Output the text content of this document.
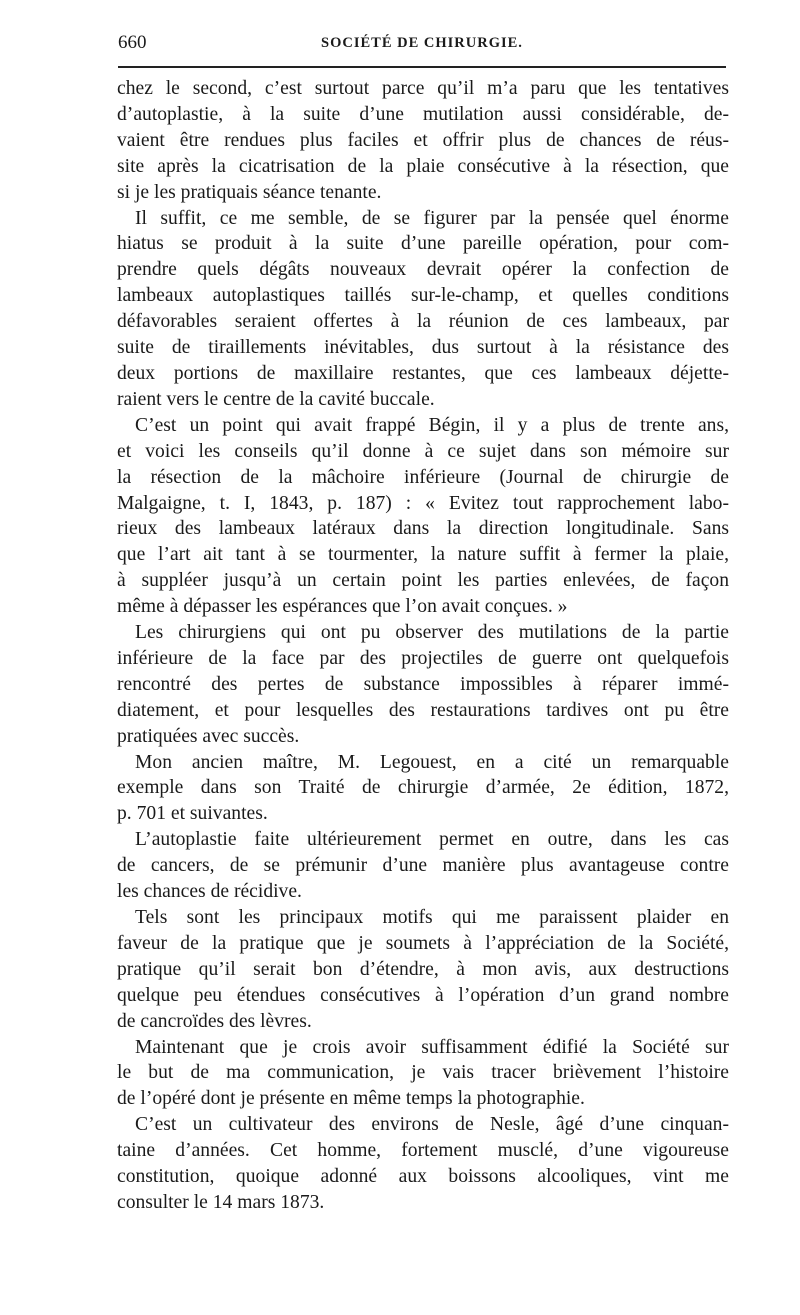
660	SOCIÉTÉ DE CHIRURGIE.
chez le second, c’est surtout parce qu’il m’a paru que les tentatives
d’autoplastie, à la suite d’une mutilation aussi considérable, de-
vaient être rendues plus faciles et offrir plus de chances de réus-
site après la cicatrisation de la plaie consécutive à la résection, que
si je les pratiquais séance tenante.
Il suffit, ce me semble, de se figurer par la pensée quel énorme
hiatus se produit à la suite d’une pareille opération, pour com-
prendre quels dégâts nouveaux devrait opérer la confection de
lambeaux autoplastiques taillés sur-le-champ, et quelles conditions
défavorables seraient offertes à la réunion de ces lambeaux, par
suite de tiraillements inévitables, dus surtout à la résistance des
deux portions de maxillaire restantes, que ces lambeaux déjette-
raient vers le centre de la cavité buccale.
C’est un point qui avait frappé Bégin, il y a plus de trente ans,
et voici les conseils qu’il donne à ce sujet dans son mémoire sur
la résection de la mâchoire inférieure (Journal de chirurgie de
Malgaigne, t. I, 1843, p. 187) : « Evitez tout rapprochement labo-
rieux des lambeaux latéraux dans la direction longitudinale. Sans
que l’art ait tant à se tourmenter, la nature suffit à fermer la plaie,
à suppléer jusqu’à un certain point les parties enlevées, de façon
même à dépasser les espérances que l’on avait conçues. »
Les chirurgiens qui ont pu observer des mutilations de la partie
inférieure de la face par des projectiles de guerre ont quelquefois
rencontré des pertes de substance impossibles à réparer immé-
diatement, et pour lesquelles des restaurations tardives ont pu être
pratiquées avec succès.
Mon ancien maître, M. Legouest, en a cité un remarquable
exemple dans son Traité de chirurgie d’armée, 2e édition, 1872,
p. 701 et suivantes.
L’autoplastie faite ultérieurement permet en outre, dans les cas
de cancers, de se prémunir d’une manière plus avantageuse contre
les chances de récidive.
Tels sont les principaux motifs qui me paraissent plaider en
faveur de la pratique que je soumets à l’appréciation de la Société,
pratique qu’il serait bon d’étendre, à mon avis, aux destructions
quelque peu étendues consécutives à l’opération d’un grand nombre
de cancroïdes des lèvres.
Maintenant que je crois avoir suffisamment édifié la Société sur
le but de ma communication, je vais tracer brièvement l’histoire
de l’opéré dont je présente en même temps la photographie.
C’est un cultivateur des environs de Nesle, âgé d’une cinquan-
taine d’années. Cet homme, fortement musclé, d’une vigoureuse
constitution, quoique adonné aux boissons alcooliques, vint me
consulter le 14 mars 1873.
